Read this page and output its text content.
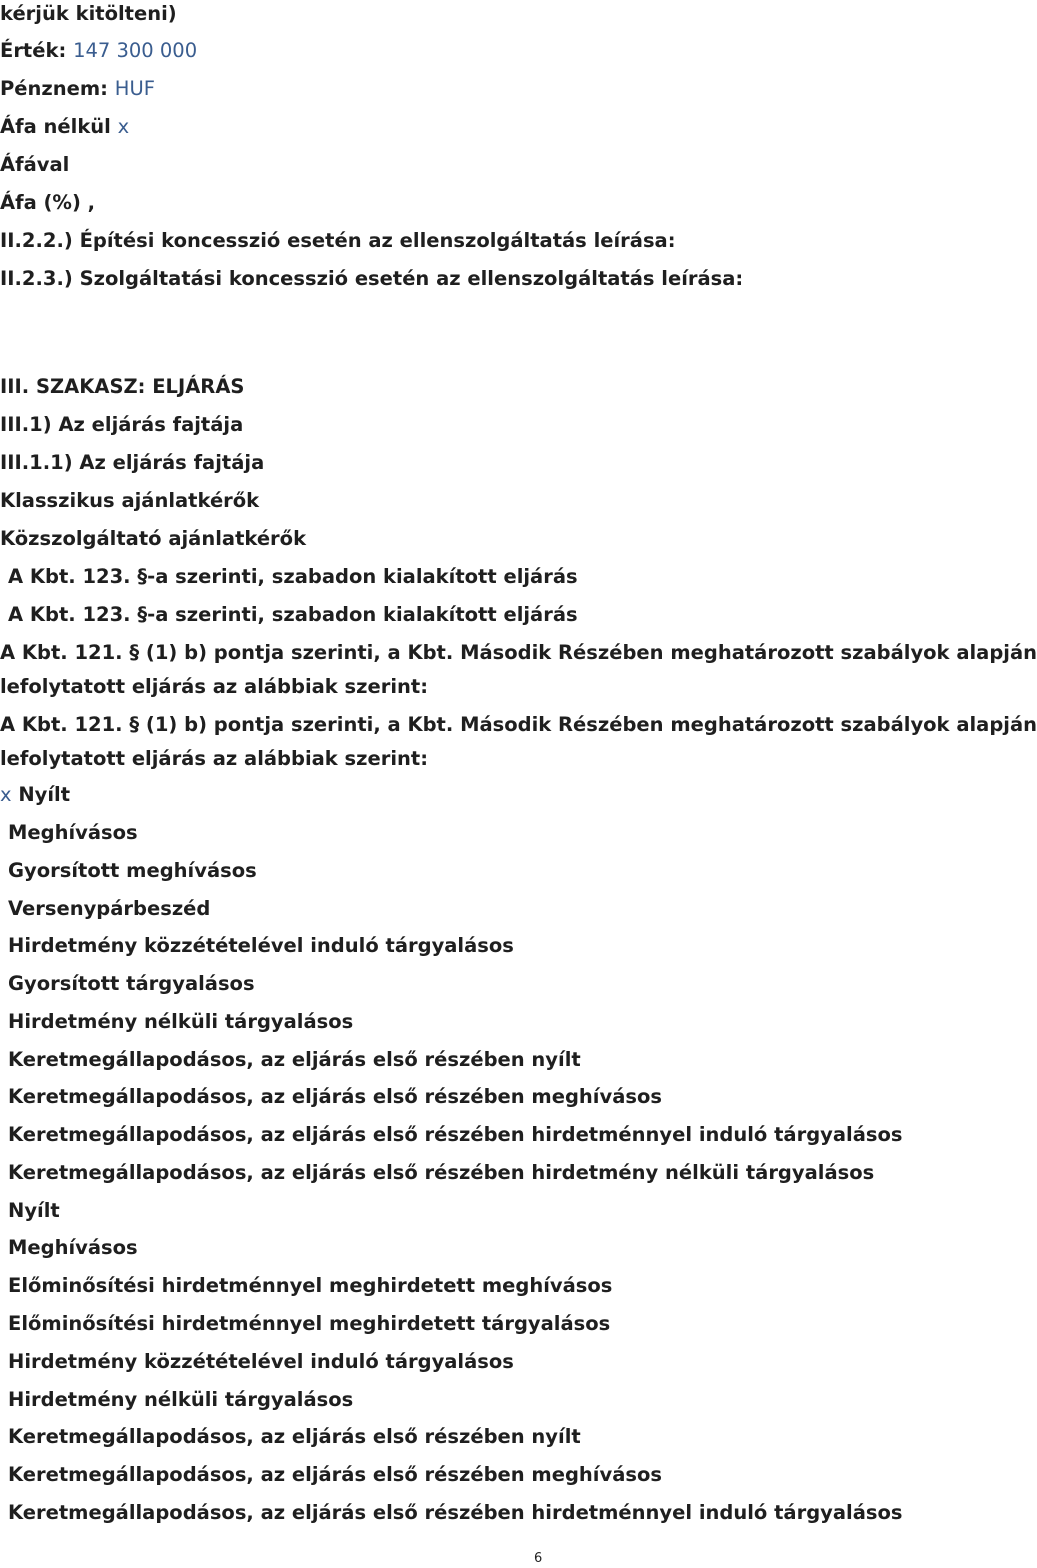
kérjük kitölteni)
Érték: 147 300 000
Pénznem: HUF
Áfa nélkül x
Áfával
Áfa (%) ,
II.2.2.) Építési koncesszió esetén az ellenszolgáltatás leírása:
II.2.3.) Szolgáltatási koncesszió esetén az ellenszolgáltatás leírása:
III. SZAKASZ: ELJÁRÁS
III.1) Az eljárás fajtája
III.1.1) Az eljárás fajtája
Klasszikus ajánlatkérők
Közszolgáltató ajánlatkérők
A Kbt. 123. §-a szerinti, szabadon kialakított eljárás
A Kbt. 123. §-a szerinti, szabadon kialakított eljárás
A Kbt. 121. § (1) b) pontja szerinti, a Kbt. Második Részében meghatározott szabályok alapján
lefolytatott eljárás az alábbiak szerint:
A Kbt. 121. § (1) b) pontja szerinti, a Kbt. Második Részében meghatározott szabályok alapján
lefolytatott eljárás az alábbiak szerint:
x Nyílt
Meghívásos
Gyorsított meghívásos
Versenypárbeszéd
Hirdetmény közzétételével induló tárgyalásos
Gyorsított tárgyalásos
Hirdetmény nélküli tárgyalásos
Keretmegállapodásos, az eljárás első részében nyílt
Keretmegállapodásos, az eljárás első részében meghívásos
Keretmegállapodásos, az eljárás első részében hirdetménnyel induló tárgyalásos
Keretmegállapodásos, az eljárás első részében hirdetmény nélküli tárgyalásos
Nyílt
Meghívásos
Előminősítési hirdetménnyel meghirdetett meghívásos
Előminősítési hirdetménnyel meghirdetett tárgyalásos
Hirdetmény közzétételével induló tárgyalásos
Hirdetmény nélküli tárgyalásos
Keretmegállapodásos, az eljárás első részében nyílt
Keretmegállapodásos, az eljárás első részében meghívásos
Keretmegállapodásos, az eljárás első részében hirdetménnyel induló tárgyalásos
6
